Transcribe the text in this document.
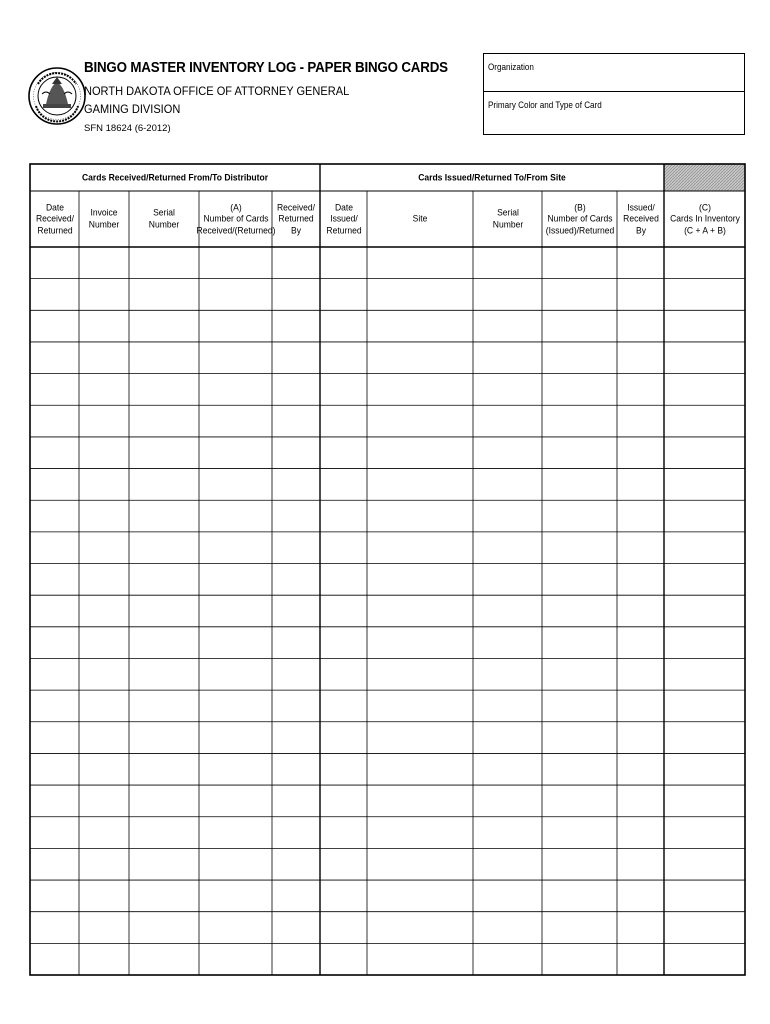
BINGO MASTER INVENTORY LOG - PAPER BINGO CARDS
NORTH DAKOTA OFFICE OF ATTORNEY GENERAL
GAMING DIVISION
SFN 18624 (6-2012)
Organization
Primary Color and Type of Card
Cards Received/Returned From/To Distributor	Cards Issued/Returned To/From Site
Date
Received/
Returned
Invoice
Number
Serial
Number
(A)
Number of Cards
Received/(Returned)
Received/
Returned
By
Date
Issued/
Returned
Site
Serial
Number
(B)
Number of Cards
(Issued)/Returned
Issued/
Received
By
(C)
Cards In Inventory
(C + A + B)
